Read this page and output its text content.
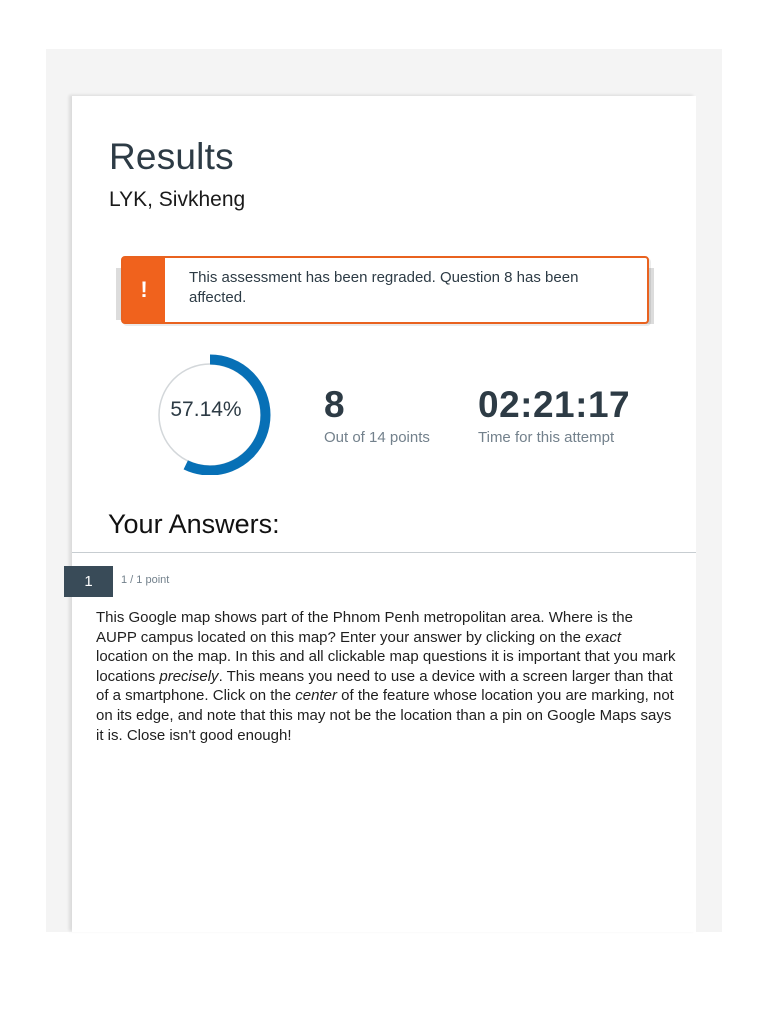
Results
LYK, Sivkheng
!	This assessment has been regraded. Question 8 has been affected.
57.14%	8
Out of 14 points
02:21:17
Time for this attempt
Your Answers:
1	1 / 1 point
This Google map shows part of the Phnom Penh metropolitan area. Where is the AUPP campus located on this map? Enter your answer by clicking on the exact location on the map. In this and all clickable map questions it is important that you mark locations precisely. This means you need to use a device with a screen larger than that of a smartphone. Click on the center of the feature whose location you are marking, not on its edge, and note that this may not be the location than a pin on Google Maps says it is. Close isn't good enough!
